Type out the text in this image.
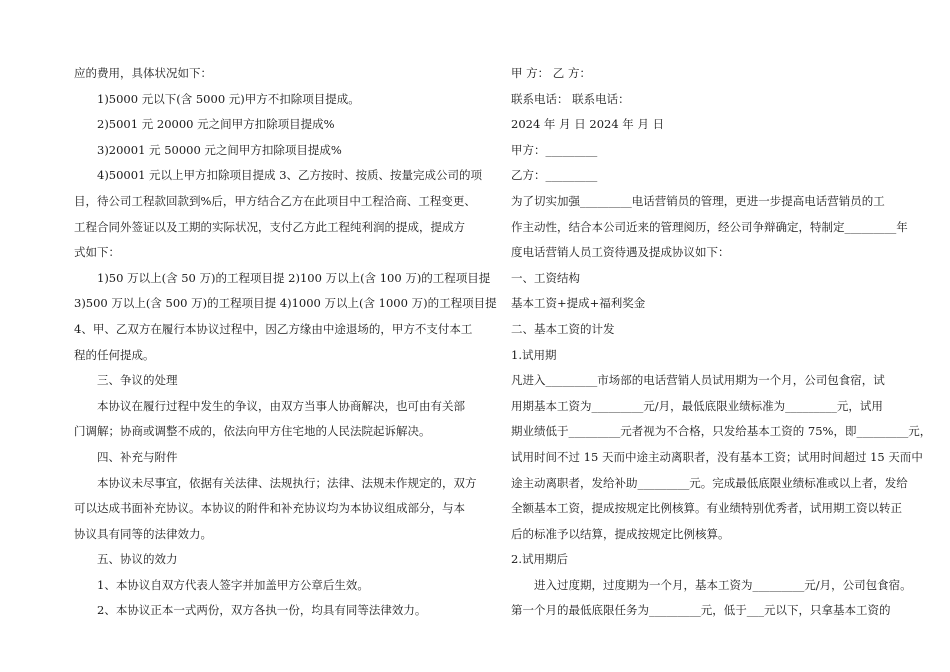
应的费用，具体状况如下：
1)5000 元以下(含 5000 元)甲方不扣除项目提成。
2)5001 元 20000 元之间甲方扣除项目提成%
3)20001 元 50000 元之间甲方扣除项目提成%
4)50001 元以上甲方扣除项目提成 3、乙方按时、按质、按量完成公司的项
目，待公司工程款回款到%后，甲方结合乙方在此项目中工程洽商、工程变更、
工程合同外签证以及工期的实际状况，支付乙方此工程纯利润的提成，提成方
式如下：
1)50 万以上(含 50 万)的工程项目提 2)100 万以上(含 100 万)的工程项目提
3)500 万以上(含 500 万)的工程项目提 4)1000 万以上(含 1000 万)的工程项目提
4、甲、乙双方在履行本协议过程中，因乙方缘由中途退场的，甲方不支付本工
程的任何提成。
三、争议的处理
本协议在履行过程中发生的争议，由双方当事人协商解决，也可由有关部
门调解；协商或调整不成的，依法向甲方住宅地的人民法院起诉解决。
四、补充与附件
本协议未尽事宜，依据有关法律、法规执行；法律、法规未作规定的，双方
可以达成书面补充协议。本协议的附件和补充协议均为本协议组成部分，与本
协议具有同等的法律效力。
五、协议的效力
1、本协议自双方代表人签字并加盖甲方公章后生效。
2、本协议正本一式两份，双方各执一份，均具有同等法律效力。
甲 方： 乙 方：
联系电话： 联系电话：
2024 年 月 日 2024 年 月 日
甲方：_________
乙方：_________
为了切实加强_________电话营销员的管理，更进一步提高电话营销员的工
作主动性，结合本公司近来的管理阅历，经公司争辩确定，特制定_________年
度电话营销人员工资待遇及提成协议如下：
一、工资结构
基本工资+提成+福利奖金
二、基本工资的计发
1.试用期
凡进入_________市场部的电话营销人员试用期为一个月，公司包食宿，试
用期基本工资为_________元/月，最低底限业绩标准为_________元，试用
期业绩低于_________元者视为不合格，只发给基本工资的 75%，即_________元，
试用时间不过 15 天而中途主动离职者，没有基本工资；试用时间超过 15 天而中
途主动离职者，发给补助_________元。完成最低底限业绩标准或以上者，发给
全额基本工资，提成按规定比例核算。有业绩特别优秀者，试用期工资以转正
后的标准予以结算，提成按规定比例核算。
2.试用期后
进入过度期，过度期为一个月，基本工资为_________元/月，公司包食宿。
第一个月的最低底限任务为_________元，低于___元以下，只拿基本工资的
